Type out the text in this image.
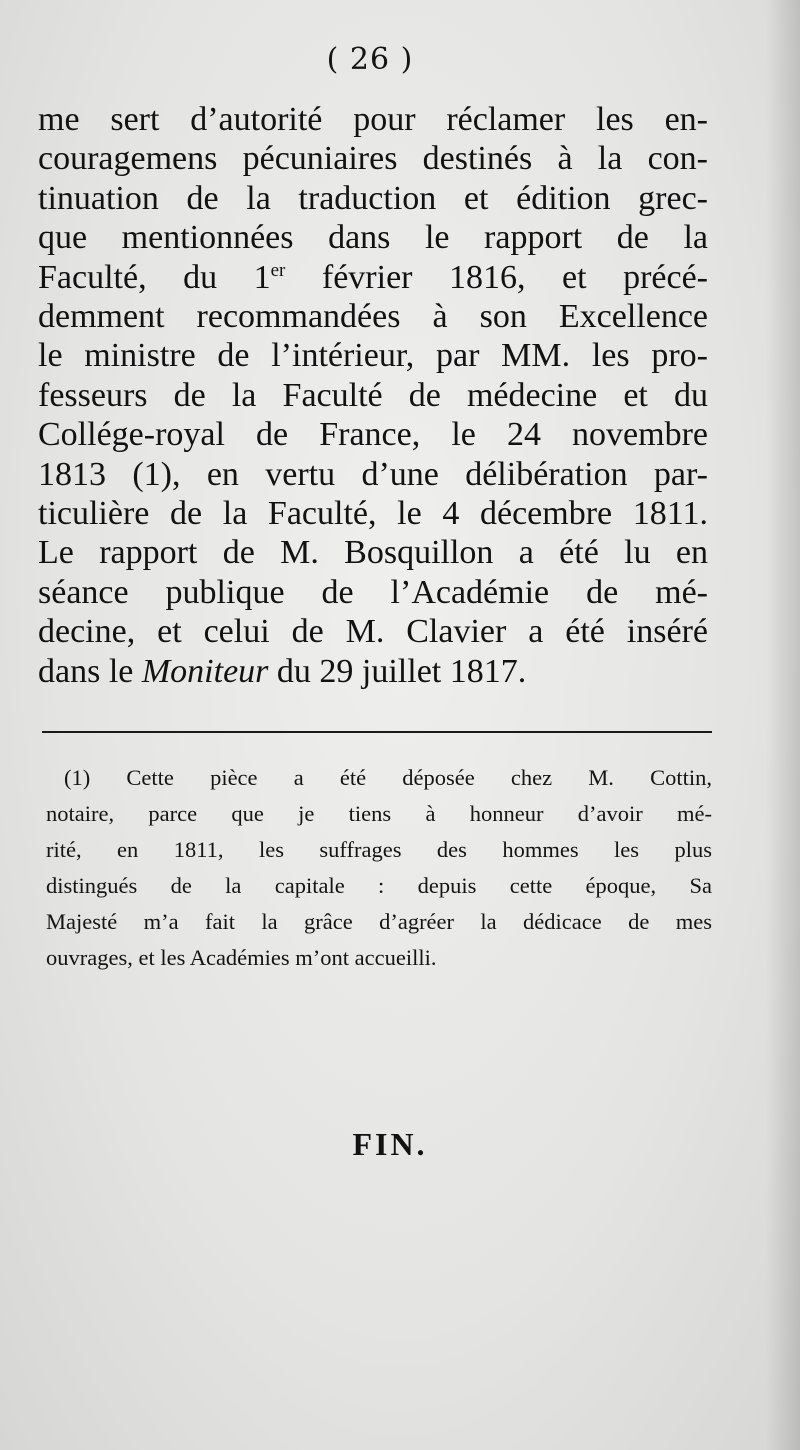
( 26 )
me sert d’autorité pour réclamer les en-
couragemens pécuniaires destinés à la con-
tinuation de la traduction et édition grec-
que mentionnées dans le rapport de la
Faculté, du 1er février 1816, et précé-
demment recommandées à son Excellence
le ministre de l’intérieur, par MM. les pro-
fesseurs de la Faculté de médecine et du
Collége-royal de France, le 24 novembre
1813 (1), en vertu d’une délibération par-
ticulière de la Faculté, le 4 décembre 1811.
Le rapport de M. Bosquillon a été lu en
séance publique de l’Académie de mé-
decine, et celui de M. Clavier a été inséré
dans le Moniteur du 29 juillet 1817.
(1) Cette pièce a été déposée chez M. Cottin,
notaire, parce que je tiens à honneur d’avoir mé-
rité, en 1811, les suffrages des hommes les plus
distingués de la capitale : depuis cette époque, Sa
Majesté m’a fait la grâce d’agréer la dédicace de mes
ouvrages, et les Académies m’ont accueilli.
FIN.
